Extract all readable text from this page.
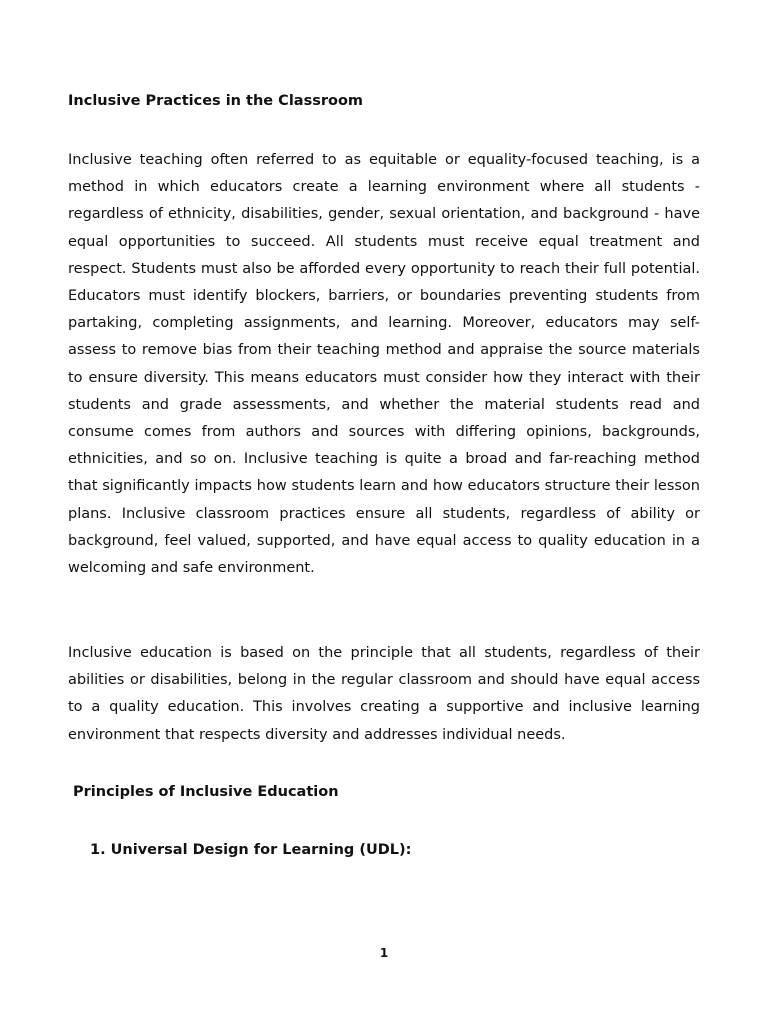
Inclusive Practices in the Classroom

Inclusive teaching often referred to as equitable or equality-focused teaching, is a method in which educators create a learning environment where all students - regardless of ethnicity, disabilities, gender, sexual orientation, and background - have equal opportunities to succeed. All students must receive equal treatment and respect. Students must also be afforded every opportunity to reach their full potential. Educators must identify blockers, barriers, or boundaries preventing students from partaking, completing assignments, and learning. Moreover, educators may self-assess to remove bias from their teaching method and appraise the source materials to ensure diversity. This means educators must consider how they interact with their students and grade assessments, and whether the material students read and consume comes from authors and sources with differing opinions, backgrounds, ethnicities, and so on. Inclusive teaching is quite a broad and far-reaching method that significantly impacts how students learn and how educators structure their lesson plans. Inclusive classroom practices ensure all students, regardless of ability or background, feel valued, supported, and have equal access to quality education in a welcoming and safe environment.

Inclusive education is based on the principle that all students, regardless of their abilities or disabilities, belong in the regular classroom and should have equal access to a quality education. This involves creating a supportive and inclusive learning environment that respects diversity and addresses individual needs.

Principles of Inclusive Education
1. Universal Design for Learning (UDL):
1
